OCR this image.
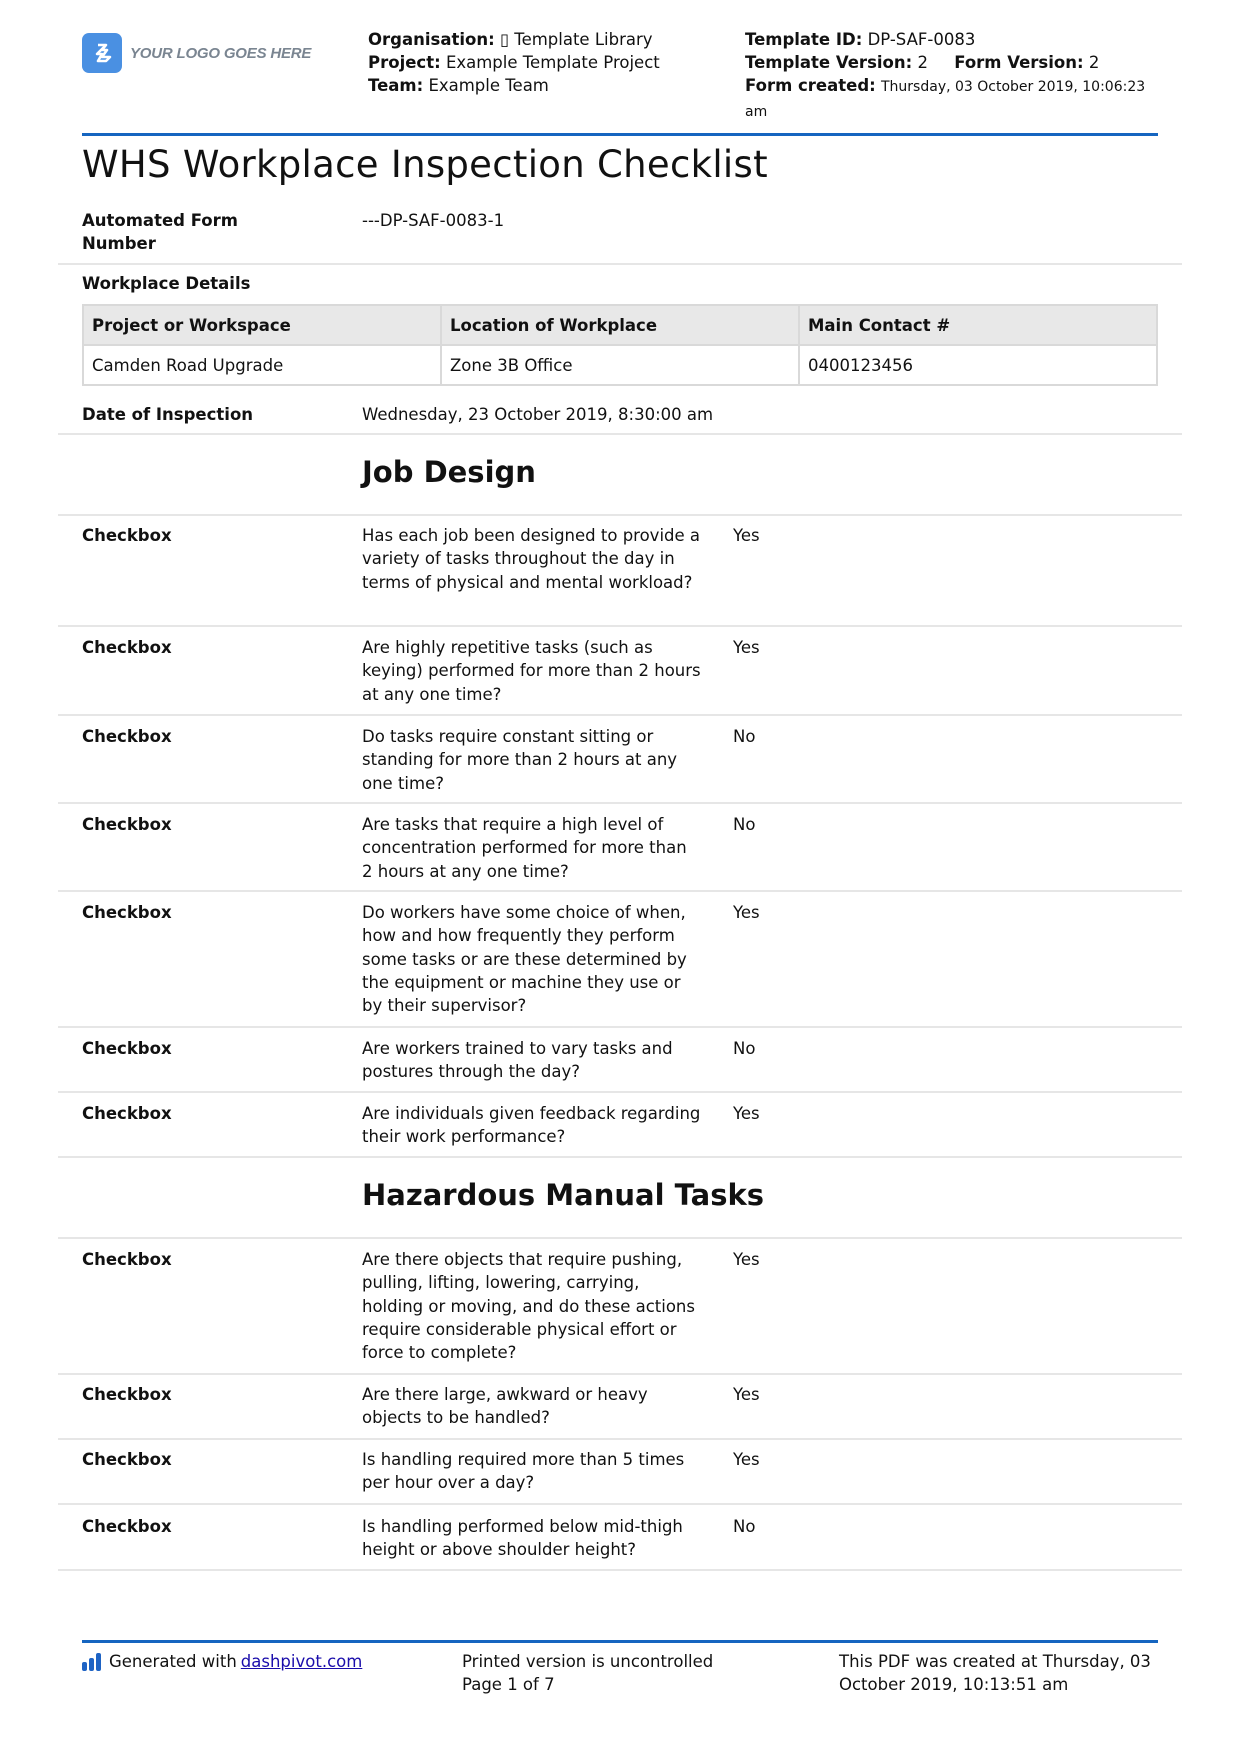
YOUR LOGO GOES HERE
Organisation: ▯ Template Library
Project: Example Template Project
Team: Example Team
Template ID: DP-SAF-0083
Template Version: 2 Form Version: 2
Form created: Thursday, 03 October 2019, 10:06:23 am
WHS Workplace Inspection Checklist
Automated Form Number
---DP-SAF-0083-1
Workplace Details
Project or Workspace	Location of Workplace	Main Contact #
Camden Road Upgrade	Zone 3B Office	0400123456
Date of Inspection	Wednesday, 23 October 2019, 8:30:00 am
Job Design
Checkbox	Has each job been designed to provide a variety of tasks throughout the day in terms of physical and mental workload?
Yes
Checkbox	Are highly repetitive tasks (such as keying) performed for more than 2 hours at any one time?
Yes
Checkbox	Do tasks require constant sitting or standing for more than 2 hours at any one time?
No
Checkbox	Are tasks that require a high level of concentration performed for more than 2 hours at any one time?
No
Checkbox	Do workers have some choice of when, how and how frequently they perform some tasks or are these determined by the equipment or machine they use or by their supervisor?
Yes
Checkbox	Are workers trained to vary tasks and postures through the day?
No
Checkbox	Are individuals given feedback regarding their work performance?
Yes
Hazardous Manual Tasks
Checkbox	Are there objects that require pushing, pulling, lifting, lowering, carrying, holding or moving, and do these actions require considerable physical effort or force to complete?
Yes
Checkbox	Are there large, awkward or heavy objects to be handled?
Yes
Checkbox	Is handling required more than 5 times per hour over a day?
Yes
Checkbox	Is handling performed below mid-thigh height or above shoulder height?
No
Generated with dashpivot.com	Printed version is uncontrolled
Page 1 of 7
This PDF was created at Thursday, 03 October 2019, 10:13:51 am
